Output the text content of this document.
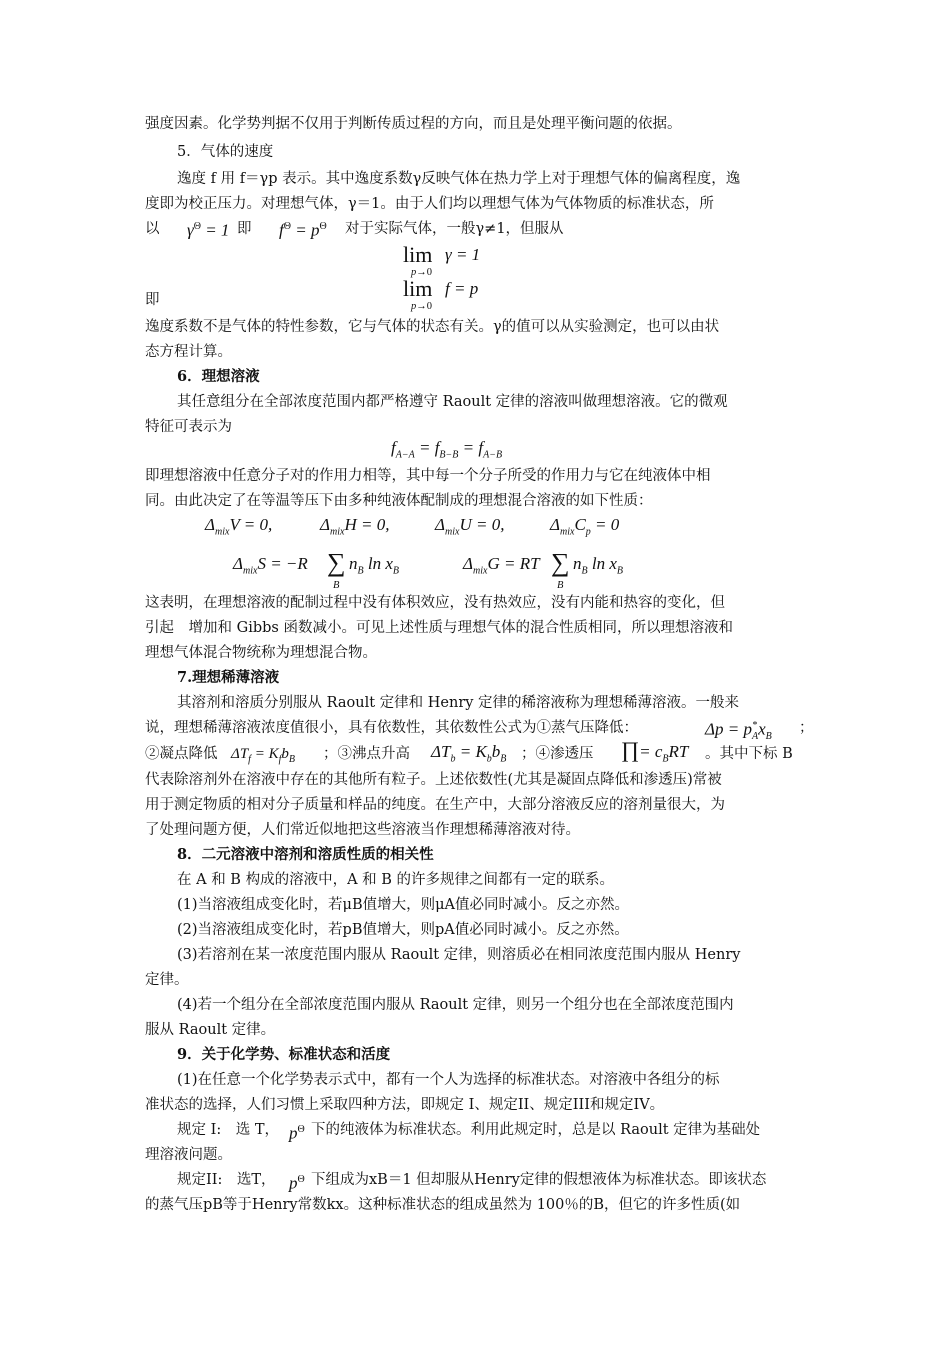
强度因素。化学势判据不仅用于判断传质过程的方向，而且是处理平衡问题的依据。
5．气体的速度
逸度 f 用 f＝γp 表示。其中逸度系数γ反映气体在热力学上对于理想气体的偏离程度，逸
度即为校正压力。对理想气体，γ＝1。由于人们均以理想气体为气体物质的标准状态，所
以 $\gamma^\Theta = 1$ 即 $f^\Theta = p^\Theta$ 对于实际气体，一般γ≠1，但服从
lim γ = 1
p→0
即	lim f = p
p→0
逸度系数不是气体的特性参数，它与气体的状态有关。γ的值可以从实验测定，也可以由状
态方程计算。
6．理想溶液
其任意组分在全部浓度范围内都严格遵守 Raoult 定律的溶液叫做理想溶液。它的微观
特征可表示为
$f_{A-A} = f_{B-B} = f_{A-B}$
即理想溶液中任意分子对的作用力相等，其中每一个分子所受的作用力与它在纯液体中相
同。由此决定了在等温等压下由多种纯液体配制成的理想混合溶液的如下性质：
$\Delta_{mix}V = 0$,	$\Delta_{mix}H = 0$,	$\Delta_{mix}U = 0$,	$\Delta_{mix}C_p = 0$
$\Delta_{mix}S = -R$ ∑
B
$n_B$ $\ln x_B$	$\Delta_{mix}G$ = RT ∑
B
$n_B$ $\ln x_B$
这表明，在理想溶液的配制过程中没有体积效应，没有热效应，没有内能和热容的变化，但
引起　增加和 Gibbs 函数减小。可见上述性质与理想气体的混合性质相同，所以理想溶液和
理想气体混合物统称为理想混合物。
7.理想稀薄溶液
其溶剂和溶质分别服从 Raoult 定律和 Henry 定律的稀溶液称为理想稀薄溶液。一般来
说，理想稀薄溶液浓度值很小，具有依数性，其依数性公式为①蒸气压降低：	$\Delta p = p^*_Ax_B$
；
②凝点降低 $\Delta T_f = K_fb_B$ ；③沸点升高 $\Delta T_b = K_bb_B$ ；④渗透压 ∏= $c_BRT$ 。其中下标 B
代表除溶剂外在溶液中存在的其他所有粒子。上述依数性(尤其是凝固点降低和渗透压)常被
用于测定物质的相对分子质量和样品的纯度。在生产中，大部分溶液反应的溶剂量很大，为
了处理问题方便，人们常近似地把这些溶液当作理想稀薄溶液对待。
8．二元溶液中溶剂和溶质性质的相关性
在 A 和 B 构成的溶液中，A 和 B 的许多规律之间都有一定的联系。
(1)当溶液组成变化时，若μB值增大，则μA值必同时减小。反之亦然。
(2)当溶液组成变化时，若pB值增大，则pA值必同时减小。反之亦然。
(3)若溶剂在某一浓度范围内服从 Raoult 定律，则溶质必在相同浓度范围内服从 Henry
定律。
(4)若一个组分在全部浓度范围内服从 Raoult 定律，则另一个组分也在全部浓度范围内
服从 Raoult 定律。
9．关于化学势、标准状态和活度
(1)在任意一个化学势表示式中，都有一个人为选择的标准状态。对溶液中各组分的标
准状态的选择，人们习惯上采取四种方法，即规定 I、规定II、规定III和规定IV。
规定 I:　选 T， $p^\Theta$ 下的纯液体为标准状态。利用此规定时，总是以 Raoult 定律为基础处
理溶液问题。
规定II:　选T， $p^\Theta$ 下组成为xB＝1 但却服从Henry定律的假想液体为标准状态。即该状态
的蒸气压pB等于Henry常数kx。这种标准状态的组成虽然为 100％的B，但它的许多性质(如
